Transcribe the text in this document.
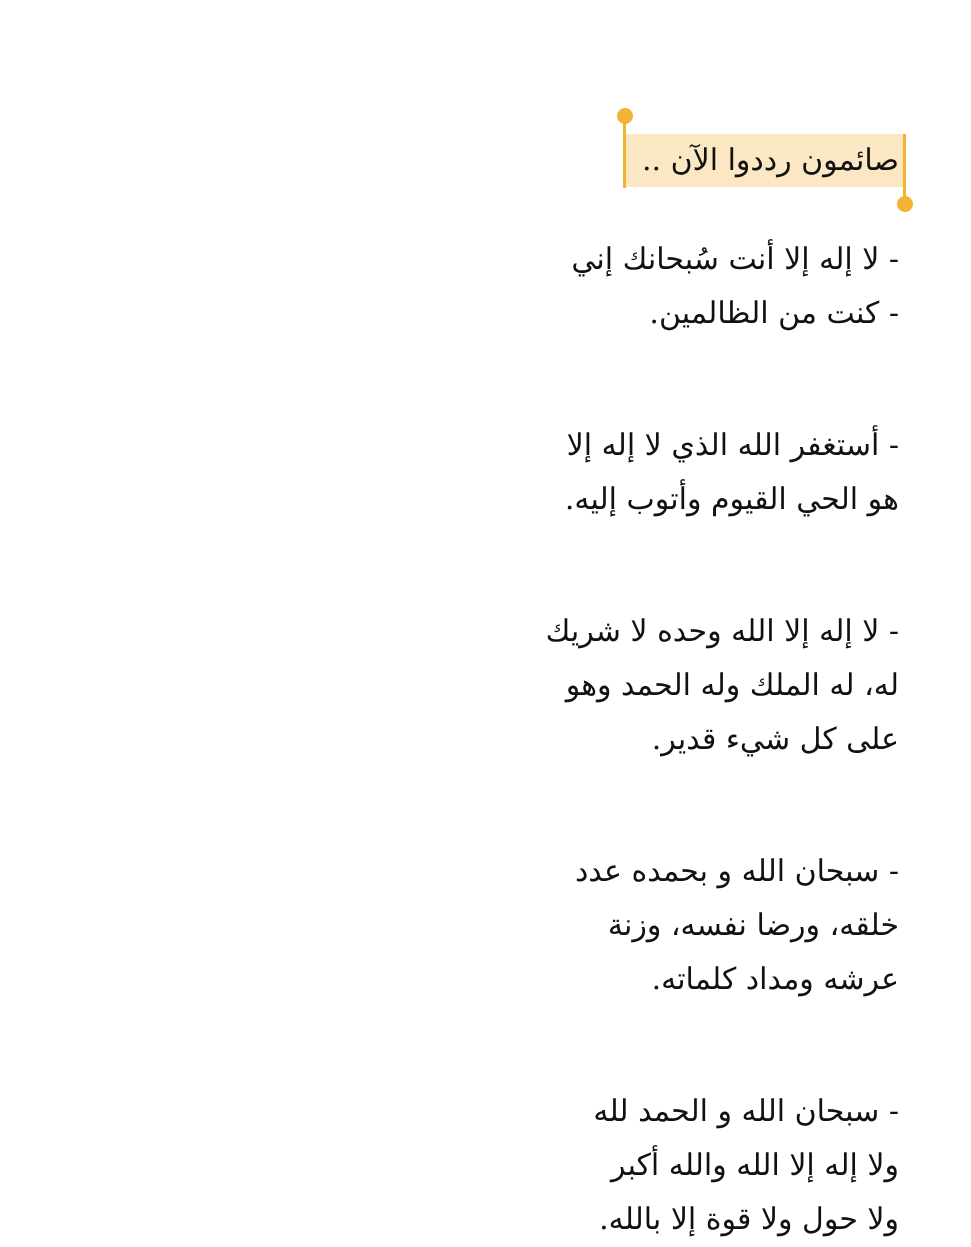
صائمون رددوا الآن ..
- لا إله إلا أنت سُبحانك إني
- كنت من الظالمين.
- أستغفر الله الذي لا إله إلا
هو الحي القيوم وأتوب إليه.
- لا إله إلا الله وحده لا شريك
له، له الملك وله الحمد وهو
على كل شيء قدير.
- سبحان الله و بحمده عدد
خلقه، ورضا نفسه، وزنة
عرشه ومداد كلماته.
- سبحان الله و الحمد لله
ولا إله إلا الله والله أكبر
ولا حول ولا قوة إلا بالله.
